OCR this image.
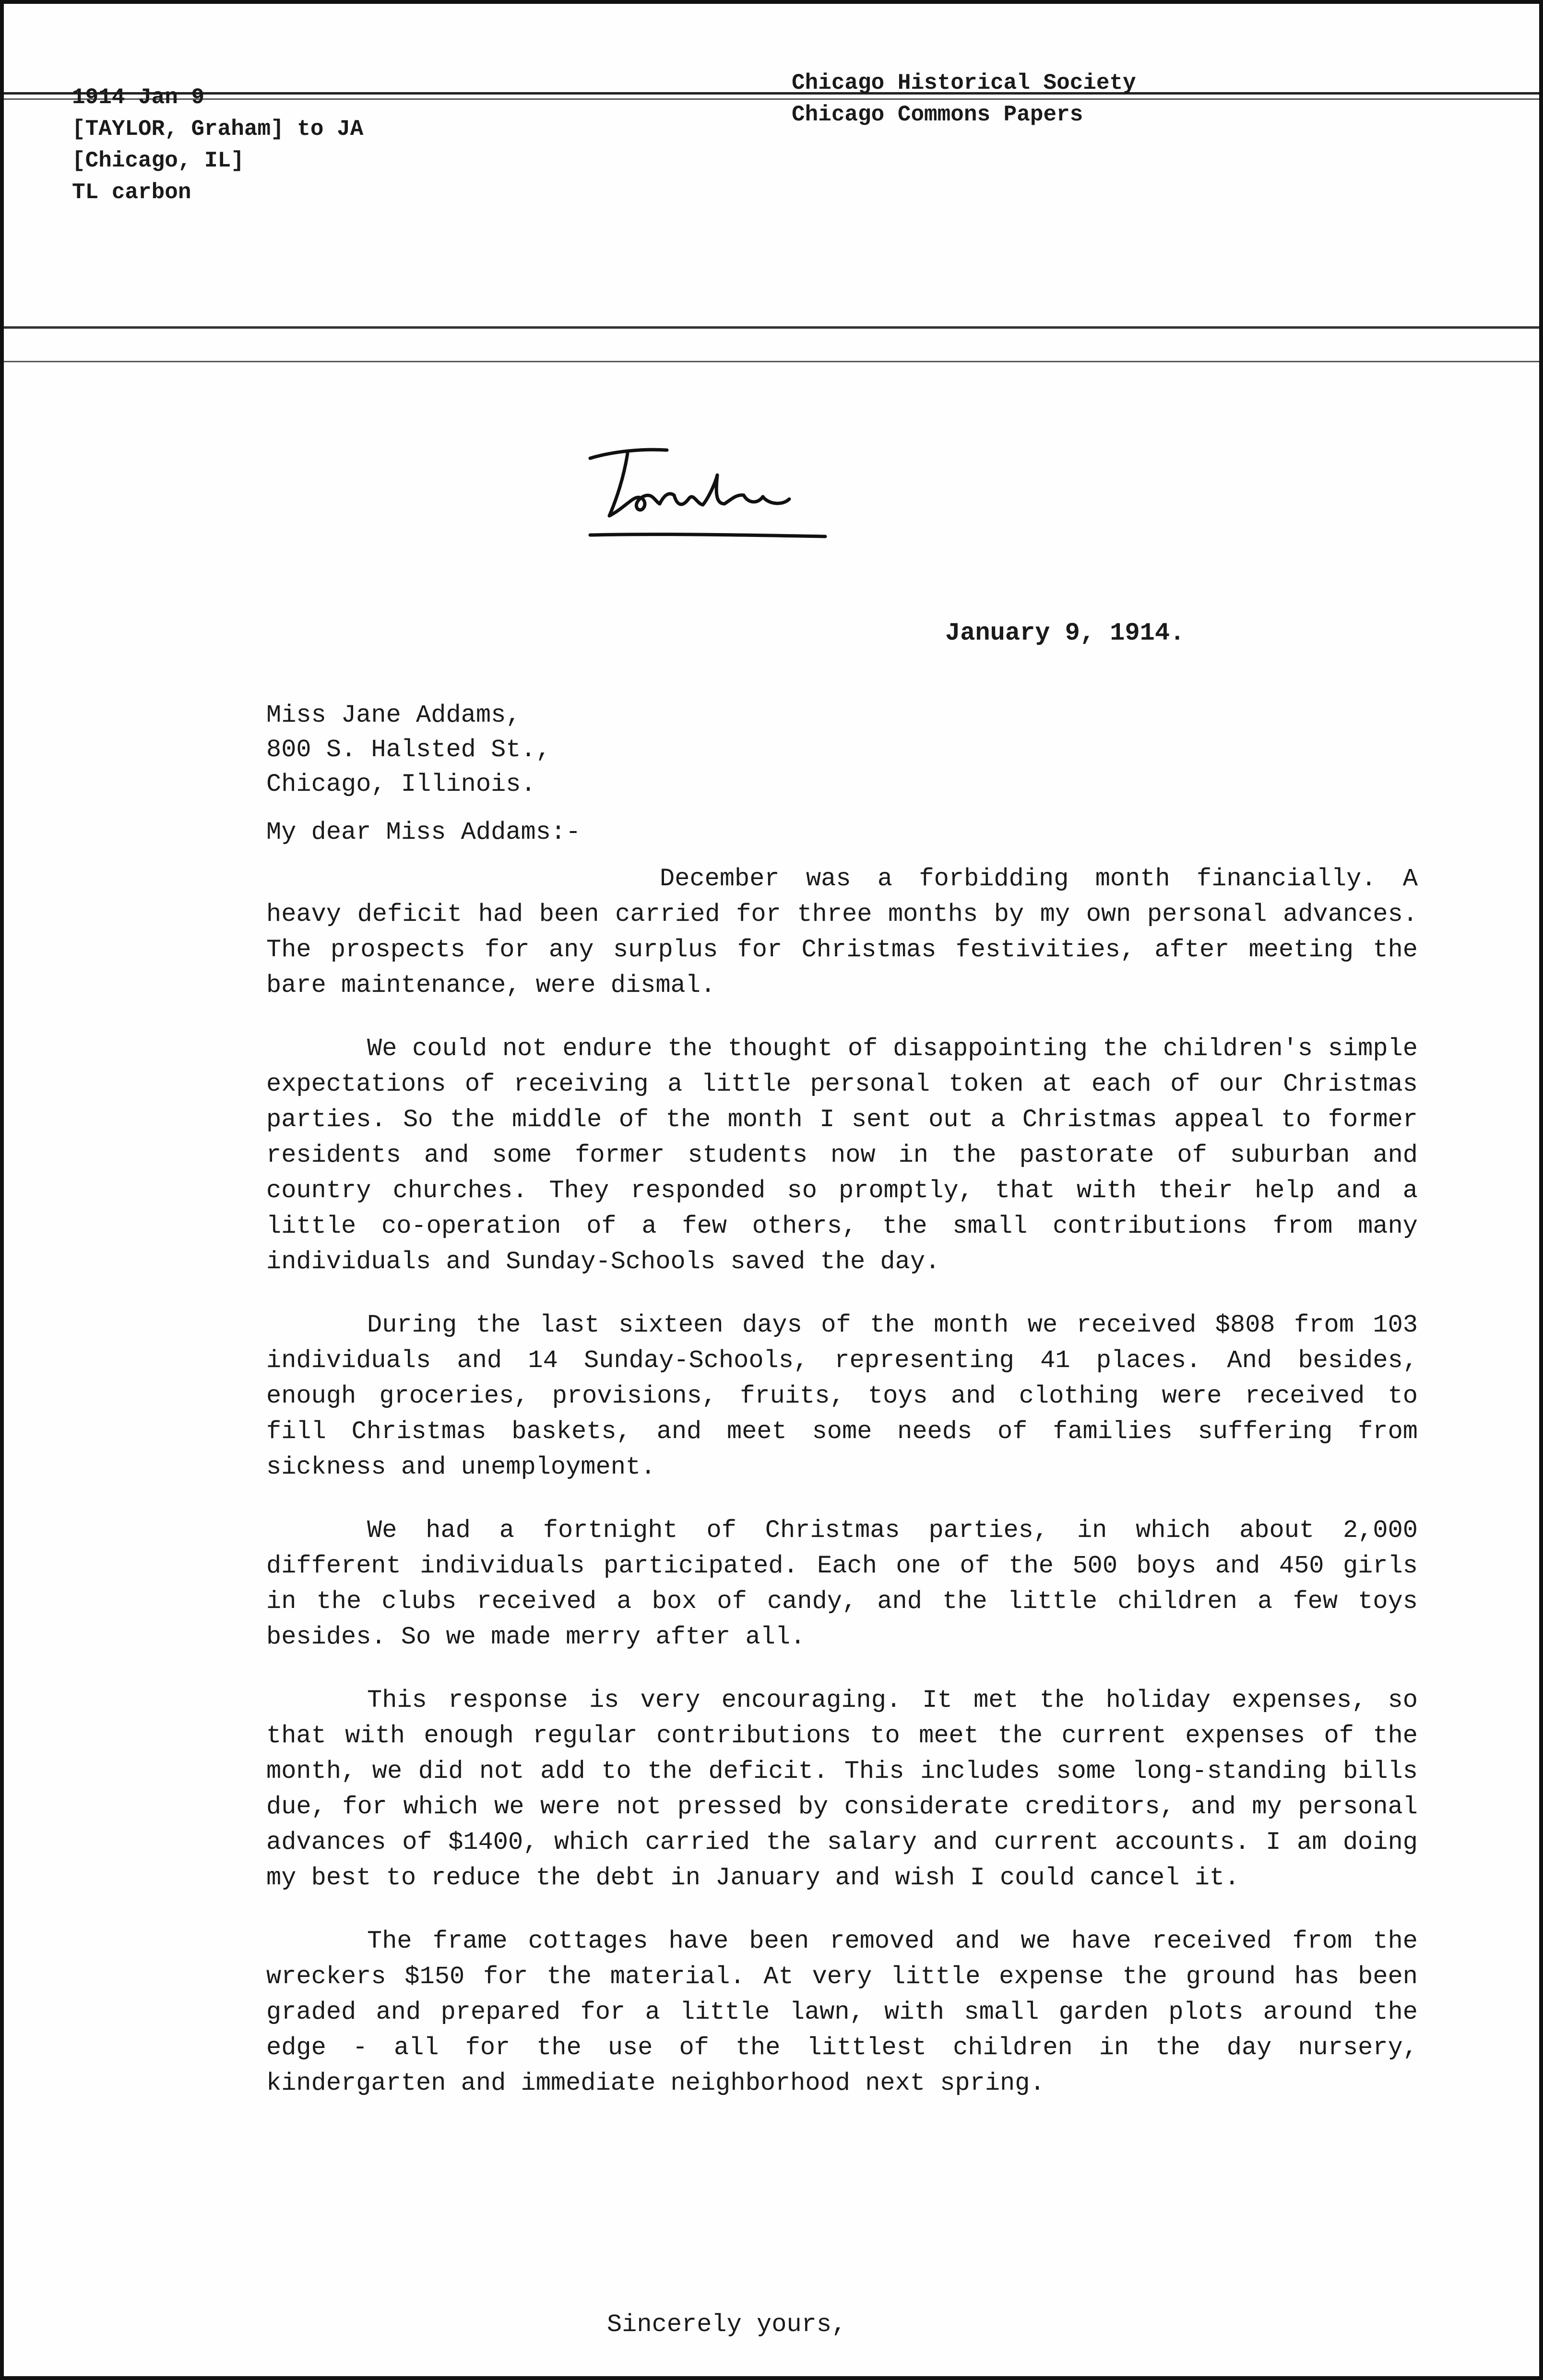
1914 Jan 9
[TAYLOR, Graham] to JA
[Chicago, IL]
TL carbon
Chicago Historical Society
Chicago Commons Papers
January 9, 1914.
Miss Jane Addams,
800 S. Halsted St.,
Chicago, Illinois.
My dear Miss Addams:-

December was a forbidding month financially. A heavy deficit had been carried for three months by my own personal advances. The prospects for any surplus for Christmas festivities, after meeting the bare maintenance, were dismal.

We could not endure the thought of disappointing the children's simple expectations of receiving a little personal token at each of our Christmas parties. So the middle of the month I sent out a Christmas appeal to former residents and some former students now in the pastorate of suburban and country churches. They responded so promptly, that with their help and a little co-operation of a few others, the small contributions from many individuals and Sunday-Schools saved the day.

During the last sixteen days of the month we received $808 from 103 individuals and 14 Sunday-Schools, representing 41 places. And besides, enough groceries, provisions, fruits, toys and clothing were received to fill Christmas baskets, and meet some needs of families suffering from sickness and unemployment.

We had a fortnight of Christmas parties, in which about 2,000 different individuals participated. Each one of the 500 boys and 450 girls in the clubs received a box of candy, and the little children a few toys besides. So we made merry after all.

This response is very encouraging. It met the holiday expenses, so that with enough regular contributions to meet the current expenses of the month, we did not add to the deficit. This includes some long-standing bills due, for which we were not pressed by considerate creditors, and my personal advances of $1400, which carried the salary and current accounts. I am doing my best to reduce the debt in January and wish I could cancel it.

The frame cottages have been removed and we have received from the wreckers $150 for the material. At very little expense the ground has been graded and prepared for a little lawn, with small garden plots around the edge - all for the use of the littlest children in the day nursery, kindergarten and immediate neighborhood next spring.

Sincerely yours,
